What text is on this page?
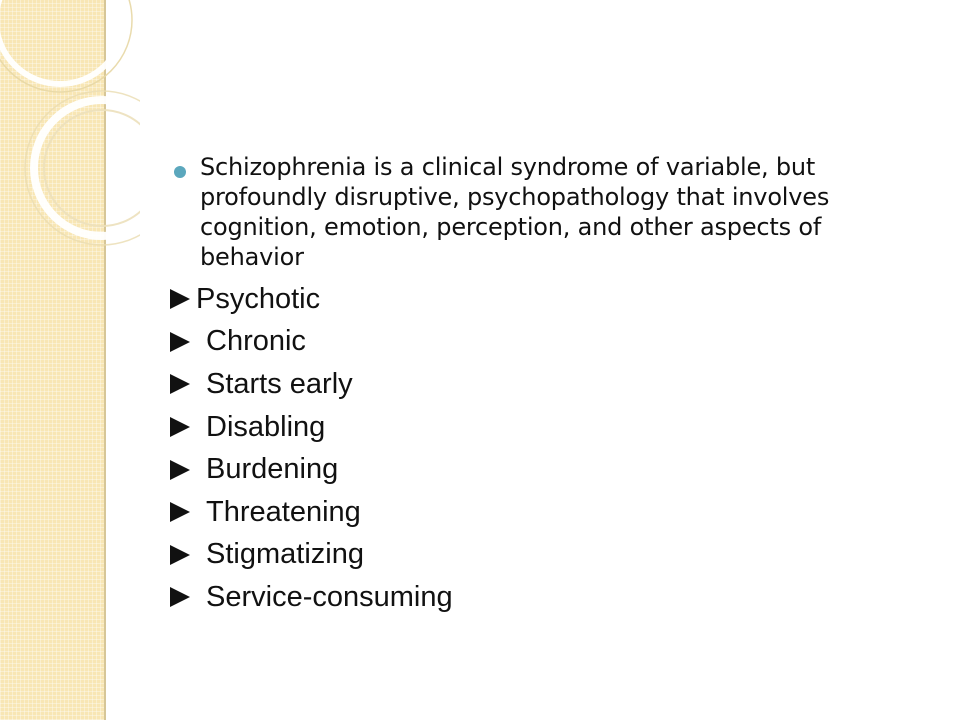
Schizophrenia is a clinical syndrome of variable, but profoundly disruptive, psychopathology that involves cognition, emotion, perception, and other aspects of behavior
Psychotic
Chronic
Starts early
Disabling
Burdening
Threatening
Stigmatizing
Service-consuming
